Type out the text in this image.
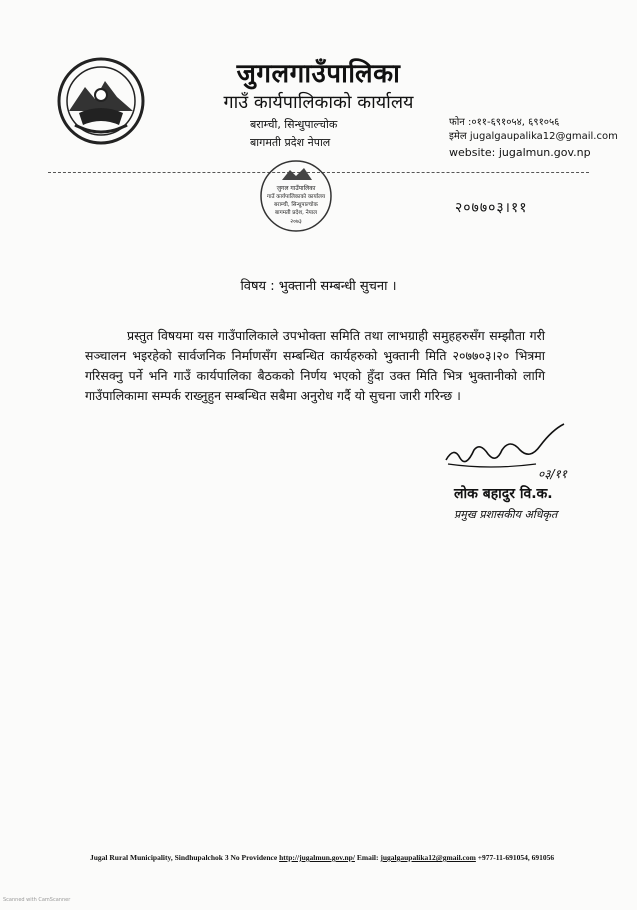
जुगलगाउँपालिका
गाउँ कार्यपालिकाको कार्यालय
बराम्ची, सिन्धुपाल्चोक
बागमती प्रदेश नेपाल
फोन :०११-६९१०५४, ६९१०५६
इमेल jugalgaupalika12@gmail.com
website: jugalmun.gov.np
जुगल गाउँपालिका
गाउँ कार्यपालिकाको कार्यालय
बराम्ची, सिन्धुपाल्चोक
बागमती प्रदेश, नेपाल
२०७३
२०७७०३।११
विषय : भुक्तानी सम्बन्धी सुचना ।
प्रस्तुत विषयमा यस गाउँपालिकाले उपभोक्ता समिति तथा लाभग्राही समुहहरुसँग सम्झौता गरी सञ्चालन भइरहेको सार्वजनिक निर्माणसँग सम्बन्धित कार्यहरुको भुक्तानी मिति २०७७०३।२० भित्रमा गरिसक्नु पर्ने भनि गाउँ कार्यपालिका बैठकको निर्णय भएको हुँदा उक्त मिति भित्र भुक्तानीको लागि गाउँपालिकामा सम्पर्क राख्नुहुन सम्बन्धित सबैमा अनुरोध गर्दै यो सुचना जारी गरिन्छ ।
०३/११
लोक बहादुर वि.क.
प्रमुख प्रशासकीय अधिकृत
Jugal Rural Municipality, Sindhupalchok 3 No Providence http://jugalmun.gov.np/ Email: jugalgaupalika12@gmail.com +977-11-691054, 691056
Scanned with CamScanner
